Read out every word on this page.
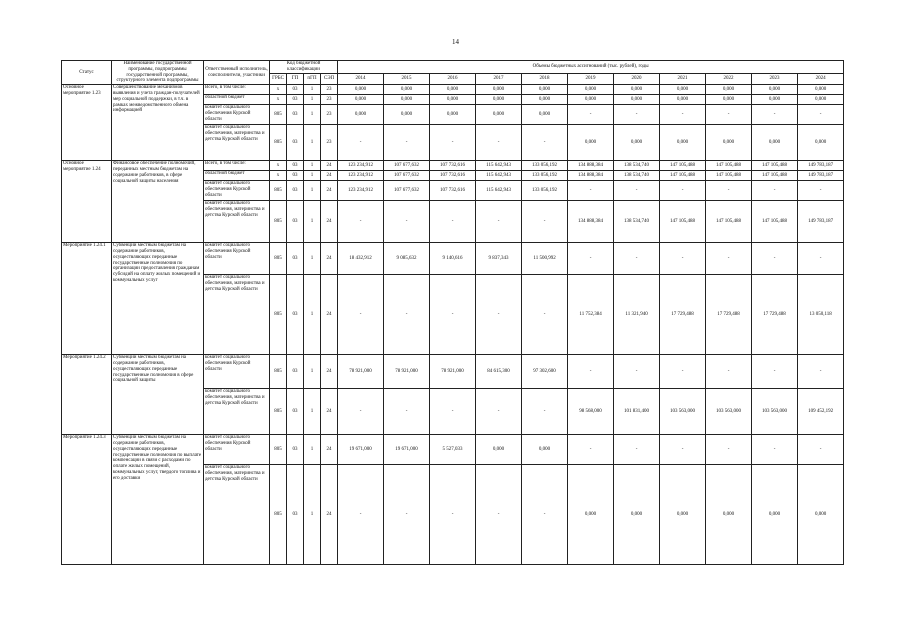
14
Статус	Наименование государственной программы, подпрограммы государственной программы, структурного элемента подпрограммы	Ответственный исполнитель, соисполнители, участники	Код бюджетной классификации				Объемы бюджетных ассигнований (тыс. рублей), годы										
			ГРБС	ГП	пГП	СЭП	2014	2015	2016	2017	2018	2019	2020	2021	2022	2023	2024
Основное мероприятие 1.23	Совершенствование механизмов выявления и учета граждан-получателей мер социальной поддержки, в т.ч. в рамках межведомственного обмена информацией	Всего, в том числе:	x	03	1	23	0,000	0,000	0,000	0,000	0,000	0,000	0,000	0,000	0,000	0,000	0,000
		областной бюджет	x	03	1	23	0,000	0,000	0,000	0,000	0,000	0,000	0,000	0,000	0,000	0,000	0,000
		комитет социального обеспечения Курской области	805	03	1	23	0,000	0,000	0,000	0,000	0,000	-	-	-	-	-	-
		комитет социального обеспечения, материнства и детства Курской области	805	03	1	23	-	-	-	-	-	0,000	0,000	0,000	0,000	0,000	0,000
Основное мероприятие 1.24	Финансовое обеспечение полномочий, переданных местным бюджетам на содержание работников, в сфере социальной защиты населения	Всего, в том числе:	x	03	1	24	123 234,912	107 677,632	107 732,616	115 642,943	133 056,192	134 888,384	138 534,740	147 105,488	147 105,488	147 105,488	149 783,187
		областной бюджет	x	03	1	24	123 234,912	107 677,632	107 732,616	115 642,943	133 056,192	134 888,384	138 534,740	147 105,488	147 105,488	147 105,488	149 783,187
		комитет социального обеспечения Курской области	805	03	1	24	123 234,912	107 677,632	107 732,616	115 642,943	133 056,192	-	-	-	-	-	-
		комитет социального обеспечения, материнства и детства Курской области	805	03	1	24	-	-	-	-	-	134 888,384	138 534,740	147 105,488	147 105,488	147 105,488	149 783,187
Мероприятие 1.24.1	Субвенции местным бюджетам на содержание работников, осуществляющих переданные государственные полномочия по организации предоставления гражданам субсидий на оплату жилых помещений и коммунальных услуг	комитет социального обеспечения Курской области	805	03	1	24	18 432,912	9 085,632	9 140,616	9 837,343	11 500,992	-	-	-	-	-	-
		комитет социального обеспечения, материнства и детства Курской области	805	03	1	24	-	-	-	-	-	11 752,384	11 321,940	17 729,488	17 729,488	17 729,488	13 050,118
Мероприятие 1.24.2	Субвенции местным бюджетам на содержание работников, осуществляющих переданные государственные полномочия в сфере социальной защиты	комитет социального обеспечения Курской области	805	03	1	24	78 921,000	78 921,000	78 921,000	84 615,300	97 302,600	-	-	-	-	-	-
		комитет социального обеспечения, материнства и детства Курской области	805	03	1	24	-	-	-	-	-	98 568,000	101 831,400	103 563,000	103 563,000	103 563,000	109 452,192
Мероприятие 1.24.3	Субвенции местным бюджетам на содержание работников, осуществляющих переданные государственные полномочия по выплате компенсации в связи с расходами по оплате жилых помещений, коммунальных услуг, твердого топлива и его доставки	комитет социального обеспечения Курской области	805	03	1	24	19 671,000	19 671,000	5 527,033	0,000	0,000	-	-	-	-	-	-
		комитет социального обеспечения, материнства и детства Курской области	805	03	1	24	-	-	-	-	-	0,000	0,000	0,000	0,000	0,000	0,000
